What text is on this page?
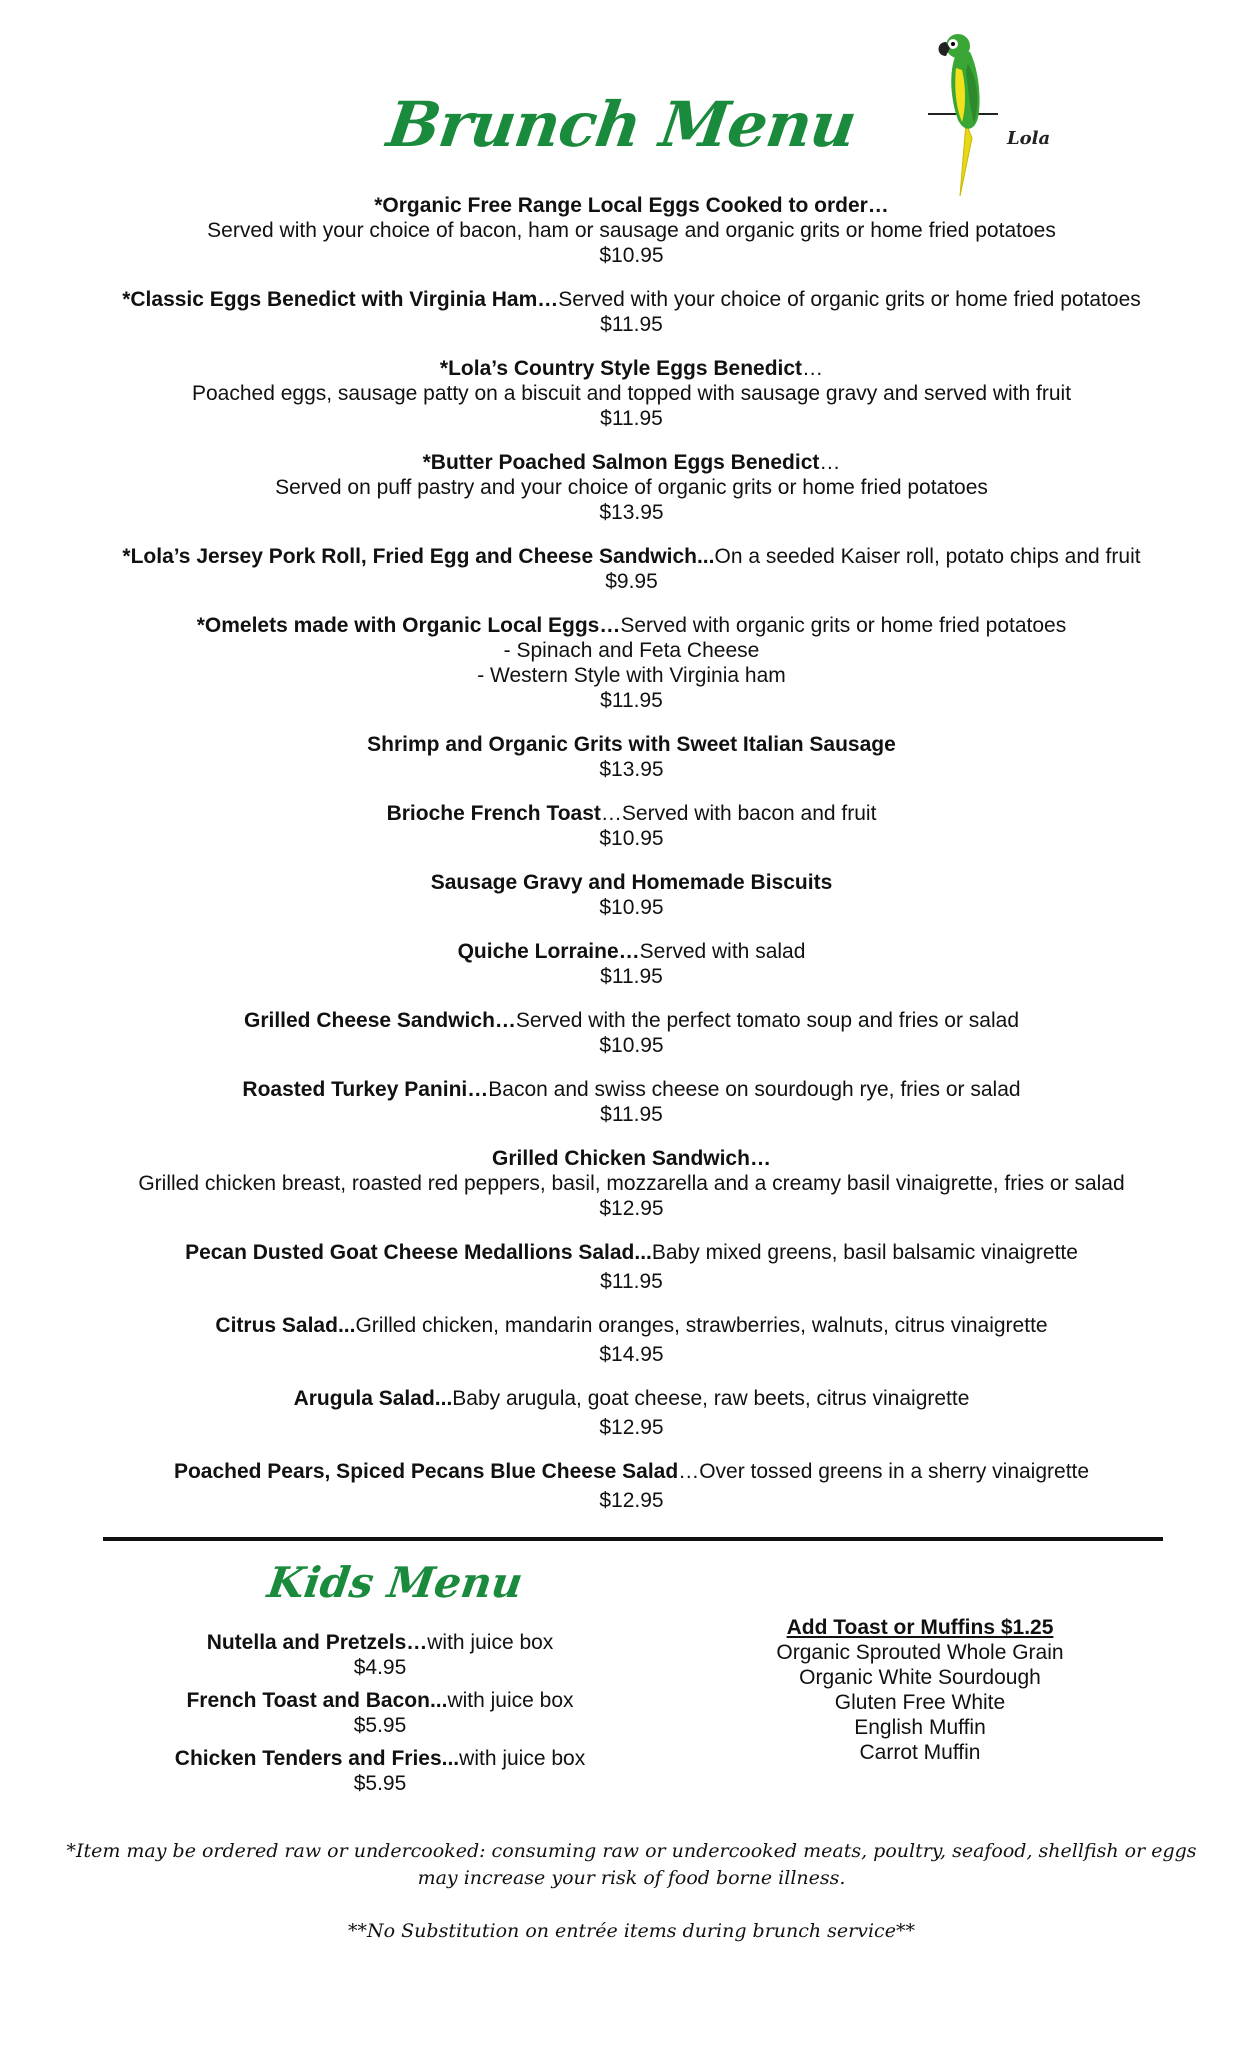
Brunch Menu	Lola
*Organic Free Range Local Eggs Cooked to order…
Served with your choice of bacon, ham or sausage and organic grits or home fried potatoes
$10.95
*Classic Eggs Benedict with Virginia Ham…Served with your choice of organic grits or home fried potatoes
$11.95
*Lola’s Country Style Eggs Benedict…
Poached eggs, sausage patty on a biscuit and topped with sausage gravy and served with fruit
$11.95
*Butter Poached Salmon Eggs Benedict…
Served on puff pastry and your choice of organic grits or home fried potatoes
$13.95
*Lola’s Jersey Pork Roll, Fried Egg and Cheese Sandwich...On a seeded Kaiser roll, potato chips and fruit
$9.95
*Omelets made with Organic Local Eggs…Served with organic grits or home fried potatoes
- Spinach and Feta Cheese
- Western Style with Virginia ham
$11.95
Shrimp and Organic Grits with Sweet Italian Sausage
$13.95
Brioche French Toast…Served with bacon and fruit
$10.95
Sausage Gravy and Homemade Biscuits
$10.95
Quiche Lorraine…Served with salad
$11.95
Grilled Cheese Sandwich…Served with the perfect tomato soup and fries or salad
$10.95
Roasted Turkey Panini…Bacon and swiss cheese on sourdough rye, fries or salad
$11.95
Grilled Chicken Sandwich…
Grilled chicken breast, roasted red peppers, basil, mozzarella and a creamy basil vinaigrette, fries or salad
$12.95
Pecan Dusted Goat Cheese Medallions Salad...Baby mixed greens, basil balsamic vinaigrette
$11.95
Citrus Salad...Grilled chicken, mandarin oranges, strawberries, walnuts, citrus vinaigrette
$14.95
Arugula Salad...Baby arugula, goat cheese, raw beets, citrus vinaigrette
$12.95
Poached Pears, Spiced Pecans Blue Cheese Salad…Over tossed greens in a sherry vinaigrette
$12.95
Kids Menu
Nutella and Pretzels…with juice box
$4.95
French Toast and Bacon...with juice box
$5.95
Chicken Tenders and Fries...with juice box
$5.95
Add Toast or Muffins $1.25
Organic Sprouted Whole Grain
Organic White Sourdough
Gluten Free White
English Muffin
Carrot Muffin
*Item may be ordered raw or undercooked: consuming raw or undercooked meats, poultry, seafood, shellfish or eggs
may increase your risk of food borne illness.
**No Substitution on entrée items during brunch service**
